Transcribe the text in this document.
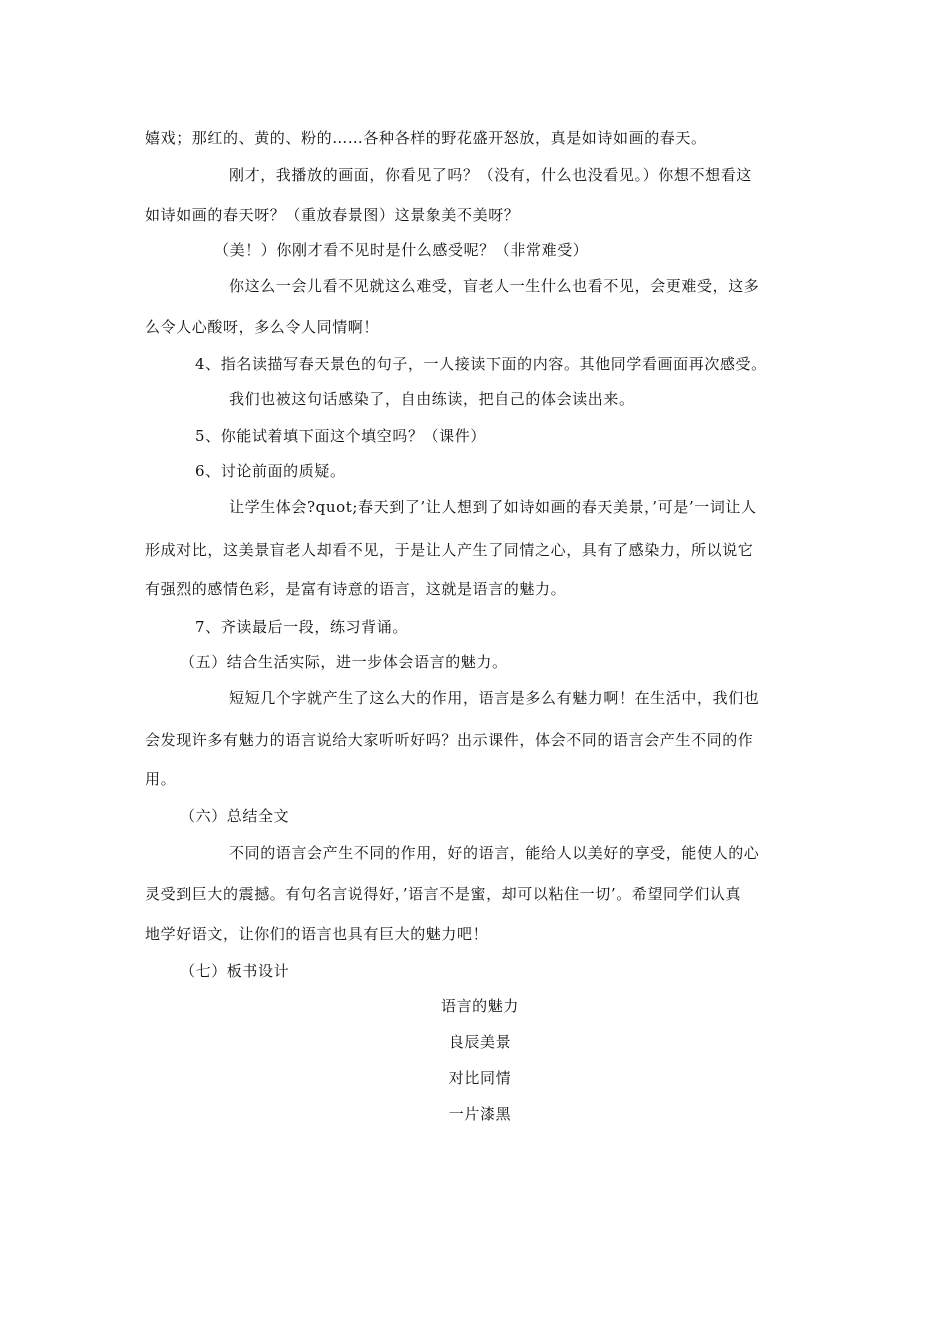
嬉戏；那红的、黄的、粉的……各种各样的野花盛开怒放，真是如诗如画的春天。
刚才，我播放的画面，你看见了吗？（没有，什么也没看见。）你想不想看这
如诗如画的春天呀？（重放春景图）这景象美不美呀？
（美！）你刚才看不见时是什么感受呢？（非常难受）
你这么一会儿看不见就这么难受，盲老人一生什么也看不见，会更难受，这多
么令人心酸呀，多么令人同情啊！
4、指名读描写春天景色的句子，一人接读下面的内容。其他同学看画面再次感受。
我们也被这句话感染了，自由练读，把自己的体会读出来。
5、你能试着填下面这个填空吗？（课件）
6、讨论前面的质疑。
让学生体会?quot;春天到了’让人想到了如诗如画的春天美景，’可是’一词让人
形成对比，这美景盲老人却看不见，于是让人产生了同情之心，具有了感染力，所以说它
有强烈的感情色彩，是富有诗意的语言，这就是语言的魅力。
7、齐读最后一段，练习背诵。
（五）结合生活实际，进一步体会语言的魅力。
短短几个字就产生了这么大的作用，语言是多么有魅力啊！在生活中，我们也
会发现许多有魅力的语言说给大家听听好吗？出示课件，体会不同的语言会产生不同的作
用。
（六）总结全文
不同的语言会产生不同的作用，好的语言，能给人以美好的享受，能使人的心
灵受到巨大的震撼。有句名言说得好，’语言不是蜜，却可以粘住一切’。希望同学们认真
地学好语文，让你们的语言也具有巨大的魅力吧！
（七）板书设计
语言的魅力
良辰美景
对比同情
一片漆黑
